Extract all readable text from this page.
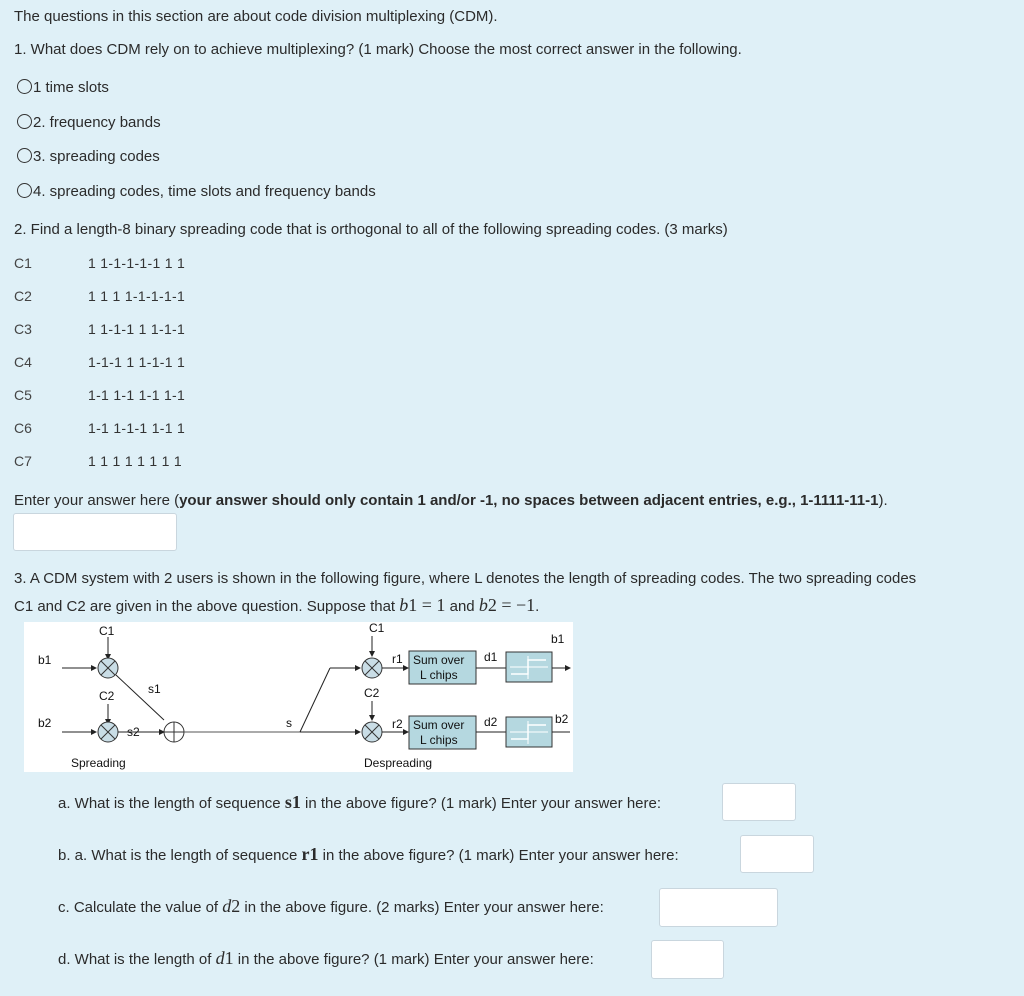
The questions in this section are about code division multiplexing (CDM).
1. What does CDM rely on to achieve multiplexing? (1 mark) Choose the most correct answer in the following.
1 time slots
2. frequency bands
3. spreading codes
4. spreading codes, time slots and frequency bands
2. Find a length-8 binary spreading code that is orthogonal to all of the following spreading codes. (3 marks)
C1	1 1-1-1-1-1 1 1
C2	1 1 1 1-1-1-1-1
C3	1 1-1-1 1 1-1-1
C4	1-1-1 1 1-1-1 1
C5	1-1 1-1 1-1 1-1
C6	1-1 1-1-1 1-1 1
C7	1 1 1 1 1 1 1 1
Enter your answer here (your answer should only contain 1 and/or -1, no spaces between adjacent entries, e.g., 1-1111-11-1).
3. A CDM system with 2 users is shown in the following figure, where L denotes the length of spreading codes. The two spreading codes
C1 and C2 are given in the above question. Suppose that b1 = 1 and b2 = −1.
C1
b1
s1
C2
b2
s2
s
C1
r1 Sum over
L chips
d1
b1
C2
r2 Sum over
L chips
d2	b2
Spreading	Despreading
a. What is the length of sequence s1 in the above figure? (1 mark) Enter your answer here:
b. a. What is the length of sequence r1 in the above figure? (1 mark) Enter your answer here:
c. Calculate the value of d2 in the above figure. (2 marks) Enter your answer here:
d. What is the length of d1 in the above figure? (1 mark) Enter your answer here:
